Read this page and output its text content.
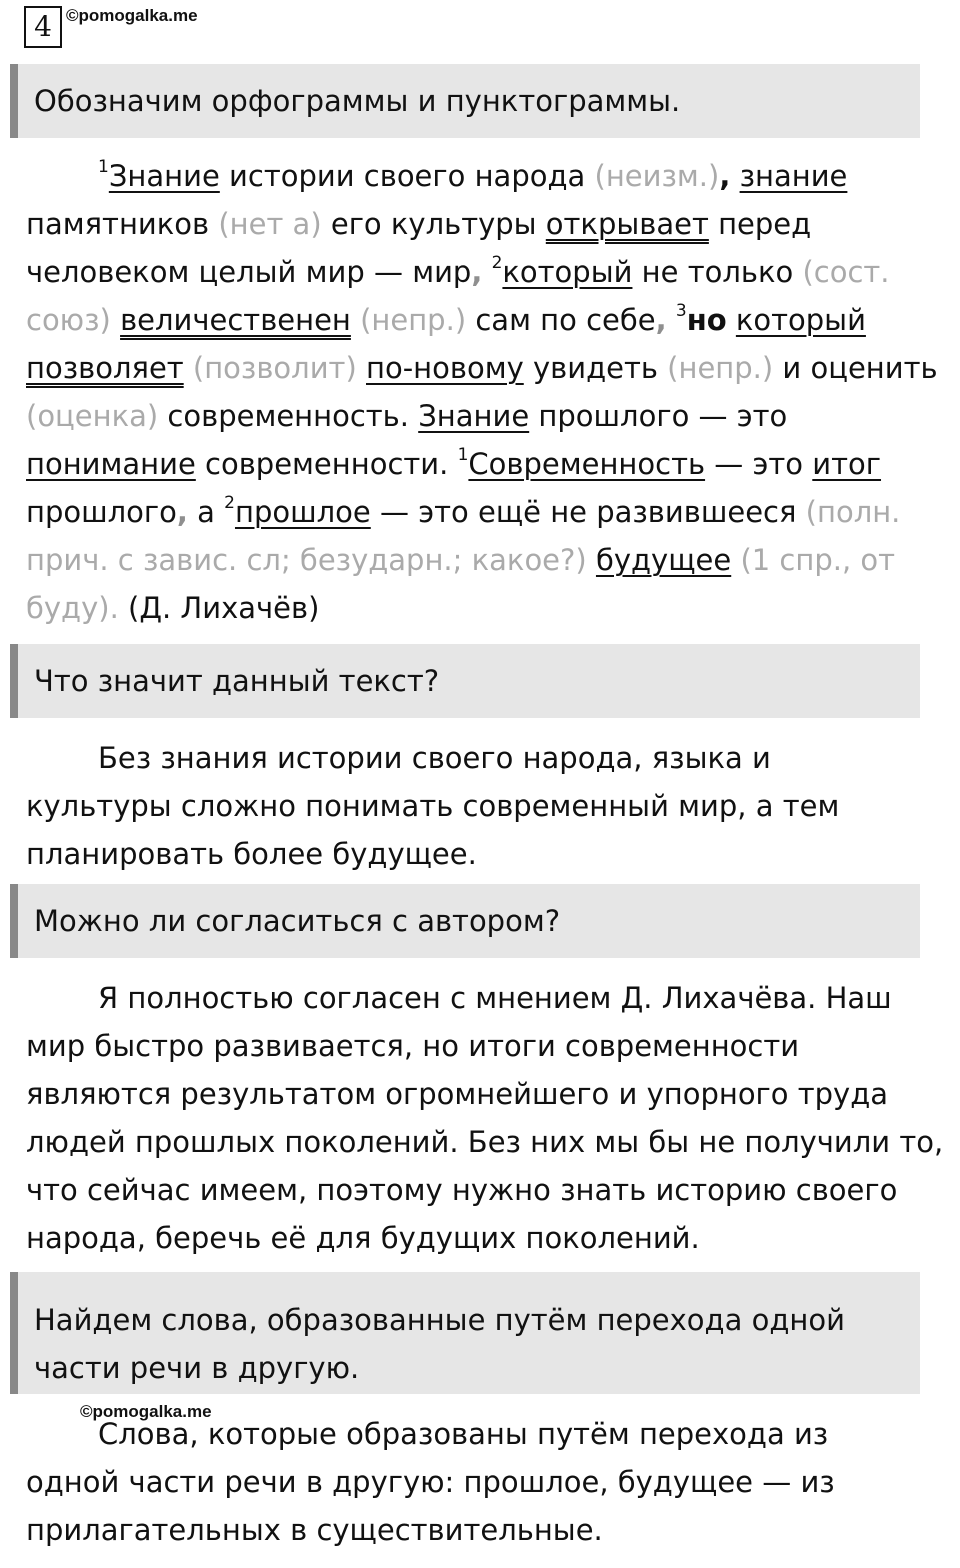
4 ©pomogalka.me
Обозначим орфограммы и пунктограммы.
$^1$Знание истории своего народа (неизм.), знание памятников (нет а) его культуры открывает перед человеком целый мир — мир, $^2$который не только (сост. союз) величественен (непр.) сам по себе, $^3$но который позволяет (позволит) по-новому увидеть (непр.) и оценить (оценка) современность. Знание прошлого — это понимание современности. $^1$Современность — это итог прошлого, а $^2$прошлое — это ещё не развившееся (полн. прич. с завис. сл; безударн.; какое?) будущее (1 спр., от будy). (Д. Лихачёв)
Что значит данный текст?
Без знания истории своего народа, языка и культуры сложно понимать современный мир, а тем планировать более будущее.
Можно ли согласиться с автором?
Я полностью согласен с мнением Д. Лихачёва. Наш мир быстро развивается, но итоги современности являются результатом огромнейшего и упорного труда людей прошлых поколений. Без них мы бы не получили то, что сейчас имеем, поэтому нужно знать историю своего народа, беречь её для будущих поколений.
Найдем слова, образованные путём перехода одной части речи в другую.
©pomogalka.me
Слова, которые образованы путём перехода из одной части речи в другую: прошлое, будущее — из прилагательных в существительные.
